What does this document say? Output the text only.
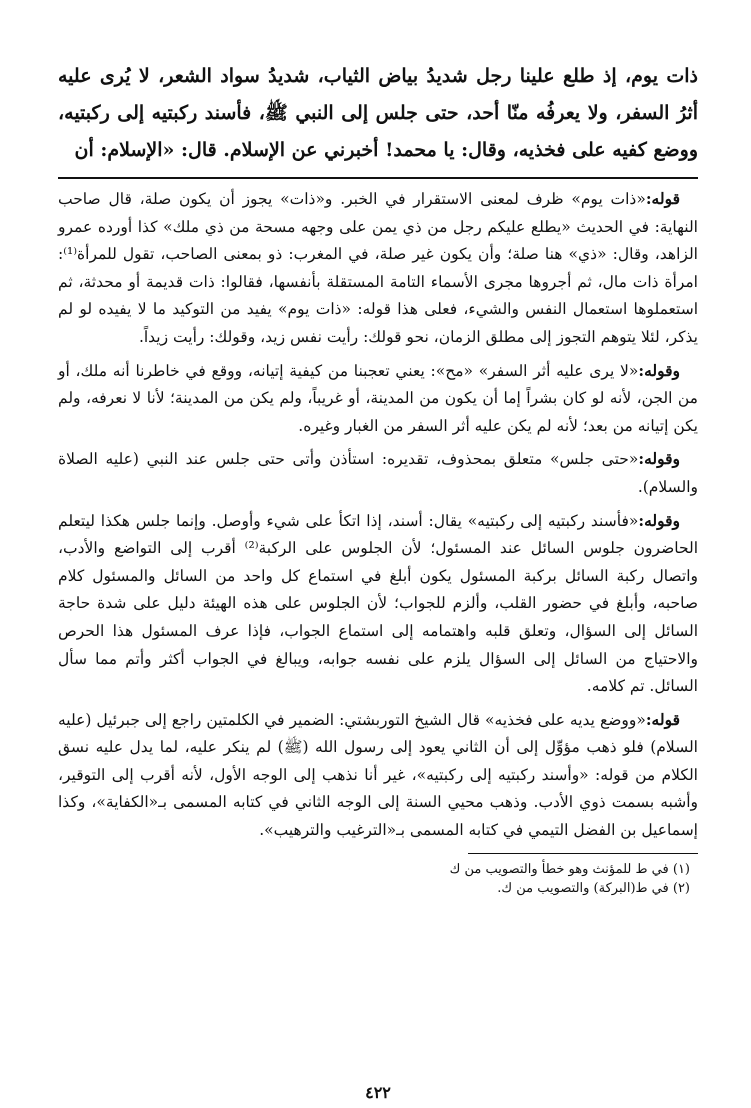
ذات يوم، إذ طلع علينا رجل شديدُ بياض الثياب، شديدُ سواد الشعر، لا يُرى عليه أثرُ السفر، ولا يعرفُه منّا أحد، حتى جلس إلى النبي ﷺ، فأسند ركبتيه إلى ركبتيه، ووضع كفيه على فخذيه، وقال: يا محمد! أخبرني عن الإسلام. قال: «الإسلام: أن

قوله:«ذات يوم» ظرف لمعنى الاستقرار في الخبر. و«ذات» يجوز أن يكون صلة، قال صاحب النهاية: في الحديث «يطلع عليكم رجل من ذي يمن على وجهه مسحة من ذي ملك» كذا أورده عمرو الزاهد، وقال: «ذي» هنا صلة؛ وأن يكون غير صلة، في المغرب: ذو بمعنى الصاحب، تقول للمرأة⁽¹⁾: امرأة ذات مال، ثم أجروها مجرى الأسماء التامة المستقلة بأنفسها، فقالوا: ذات قديمة أو محدثة، ثم استعملوها استعمال النفس والشيء، فعلى هذا قوله: «ذات يوم» يفيد من التوكيد ما لا يفيده لو لم يذكر، لئلا يتوهم التجوز إلى مطلق الزمان، نحو قولك: رأيت نفس زيد، وقولك: رأيت زيداً.

وقوله:«لا يرى عليه أثر السفر» «مح»: يعني تعجبنا من كيفية إتيانه، ووقع في خاطرنا أنه ملك، أو من الجن، لأنه لو كان بشراً إما أن يكون من المدينة، أو غريباً، ولم يكن من المدينة؛ لأنا لا نعرفه، ولم يكن إتيانه من بعد؛ لأنه لم يكن عليه أثر السفر من الغبار وغيره.

وقوله:«حتى جلس» متعلق بمحذوف، تقديره: استأذن وأتى حتى جلس عند النبي (عليه الصلاة والسلام).

وقوله:«فأسند ركبتيه إلى ركبتيه» يقال: أسند، إذا اتكأ على شيء وأوصل. وإنما جلس هكذا ليتعلم الحاضرون جلوس السائل عند المسئول؛ لأن الجلوس على الركبة⁽²⁾ أقرب إلى التواضع والأدب، واتصال ركبة السائل بركبة المسئول يكون أبلغ في استماع كل واحد من السائل والمسئول كلام صاحبه، وأبلغ في حضور القلب، وألزم للجواب؛ لأن الجلوس على هذه الهيئة دليل على شدة حاجة السائل إلى السؤال، وتعلق قلبه واهتمامه إلى استماع الجواب، فإذا عرف المسئول هذا الحرص والاحتياج من السائل إلى السؤال يلزم على نفسه جوابه، ويبالغ في الجواب أكثر وأتم مما سأل السائل. تم كلامه.

قوله:«ووضع يديه على فخذيه» قال الشيخ التوربشتي: الضمير في الكلمتين راجع إلى جبرئيل (عليه السلام) فلو ذهب مؤوِّل إلى أن الثاني يعود إلى رسول الله (ﷺ) لم ينكر عليه، لما يدل عليه نسق الكلام من قوله: «وأسند ركبتيه إلى ركبتيه»، غير أنا نذهب إلى الوجه الأول، لأنه أقرب إلى التوقير، وأشبه بسمت ذوي الأدب. وذهب محيي السنة إلى الوجه الثاني في كتابه المسمى بـ«الكفاية»، وكذا إسماعيل بن الفضل التيمي في كتابه المسمى بـ«الترغيب والترهيب».

(١) في ط للمؤنث وهو خطأ والتصويب من ك
(٢) في ط(البركة) والتصويب من ك.
٤٢٢
